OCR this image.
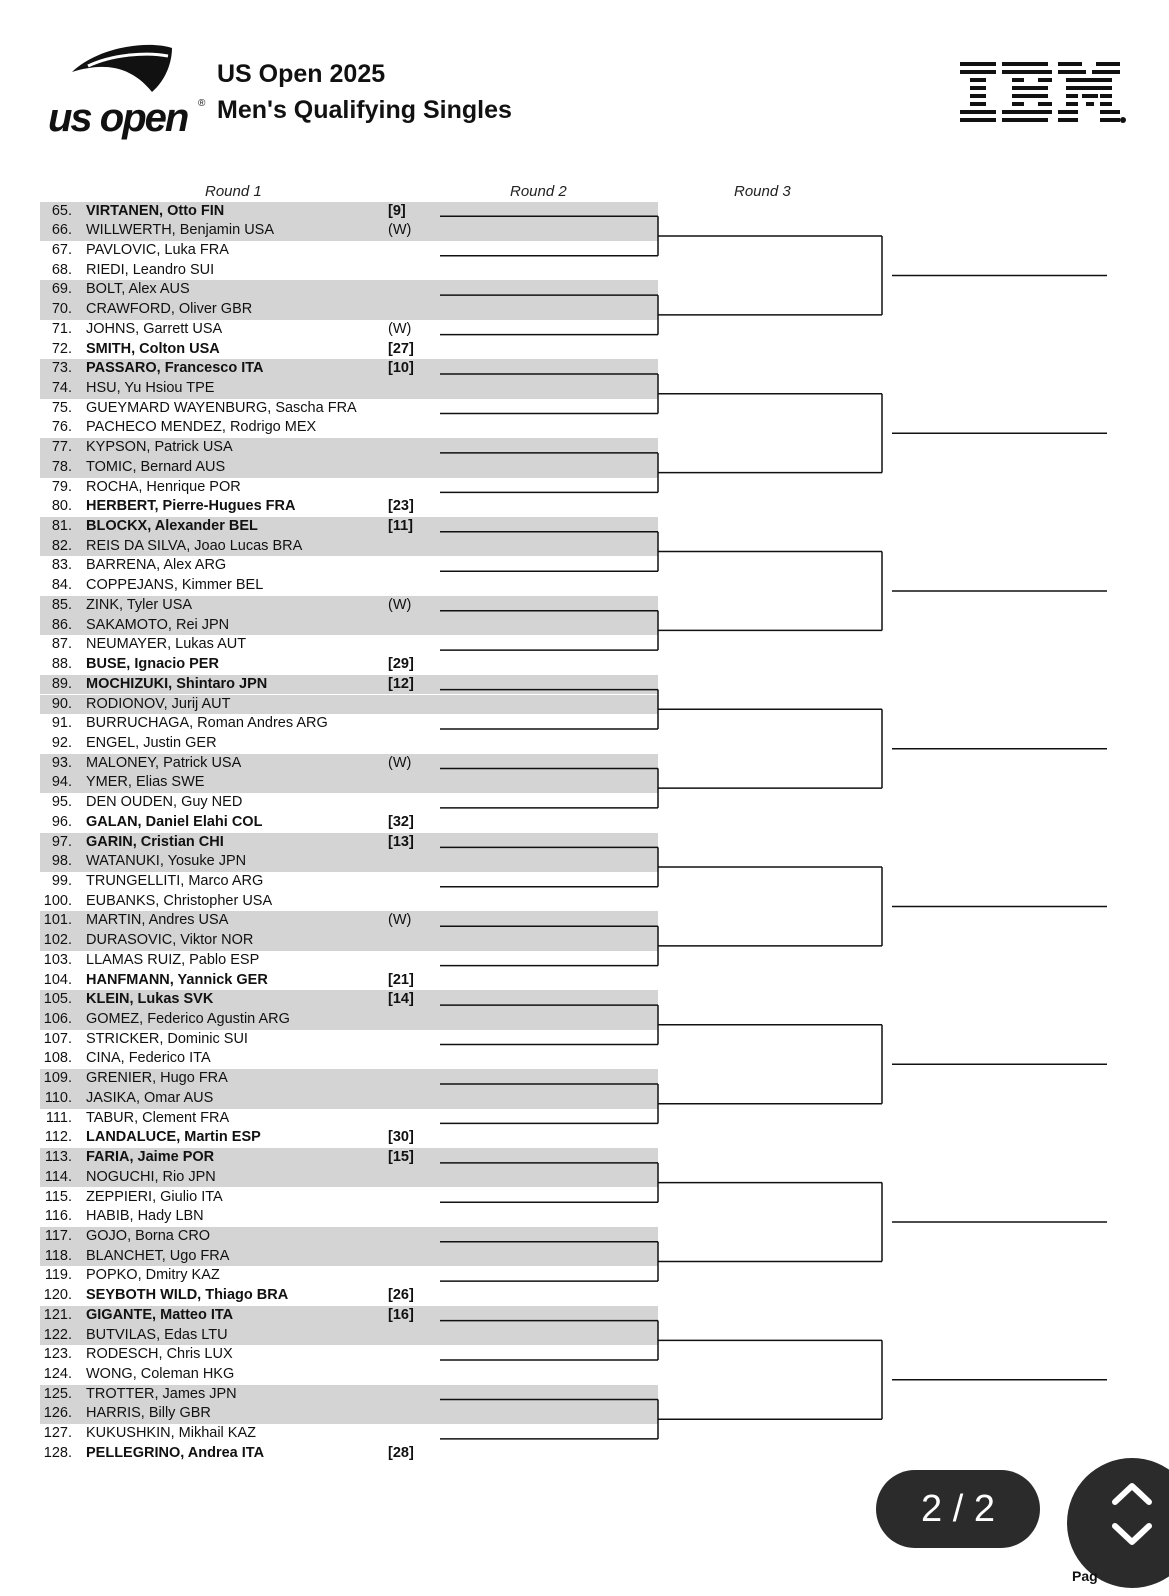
us open ®
US Open 2025
Men's Qualifying Singles
Round 1	Round 2	Round 3
65. VIRTANEN, Otto FIN	[9]
66. WILLWERTH, Benjamin USA	(W)
67. PAVLOVIC, Luka FRA
68. RIEDI, Leandro SUI
69. BOLT, Alex AUS
70. CRAWFORD, Oliver GBR
71. JOHNS, Garrett USA	(W)
72. SMITH, Colton USA	[27]
73. PASSARO, Francesco ITA	[10]
74. HSU, Yu Hsiou TPE
75. GUEYMARD WAYENBURG, Sascha FRA
76. PACHECO MENDEZ, Rodrigo MEX
77. KYPSON, Patrick USA
78. TOMIC, Bernard AUS
79. ROCHA, Henrique POR
80. HERBERT, Pierre-Hugues FRA	[23]
81. BLOCKX, Alexander BEL	[11]
82. REIS DA SILVA, Joao Lucas BRA
83. BARRENA, Alex ARG
84. COPPEJANS, Kimmer BEL
85. ZINK, Tyler USA	(W)
86. SAKAMOTO, Rei JPN
87. NEUMAYER, Lukas AUT
88. BUSE, Ignacio PER	[29]
89. MOCHIZUKI, Shintaro JPN	[12]
90. RODIONOV, Jurij AUT
91. BURRUCHAGA, Roman Andres ARG
92. ENGEL, Justin GER
93. MALONEY, Patrick USA	(W)
94. YMER, Elias SWE
95. DEN OUDEN, Guy NED
96. GALAN, Daniel Elahi COL	[32]
97. GARIN, Cristian CHI	[13]
98. WATANUKI, Yosuke JPN
99. TRUNGELLITI, Marco ARG
100. EUBANKS, Christopher USA
101. MARTIN, Andres USA	(W)
102. DURASOVIC, Viktor NOR
103. LLAMAS RUIZ, Pablo ESP
104. HANFMANN, Yannick GER	[21]
105. KLEIN, Lukas SVK	[14]
106. GOMEZ, Federico Agustin ARG
107. STRICKER, Dominic SUI
108. CINA, Federico ITA
109. GRENIER, Hugo FRA
110. JASIKA, Omar AUS
111. TABUR, Clement FRA
112. LANDALUCE, Martin ESP	[30]
113. FARIA, Jaime POR	[15]
114. NOGUCHI, Rio JPN
115. ZEPPIERI, Giulio ITA
116. HABIB, Hady LBN
117. GOJO, Borna CRO
118. BLANCHET, Ugo FRA
119. POPKO, Dmitry KAZ
120. SEYBOTH WILD, Thiago BRA	[26]
121. GIGANTE, Matteo ITA	[16]
122. BUTVILAS, Edas LTU
123. RODESCH, Chris LUX
124. WONG, Coleman HKG
125. TROTTER, James JPN
126. HARRIS, Billy GBR
127. KUKUSHKIN, Mikhail KAZ
128. PELLEGRINO, Andrea ITA	[28]
2 / 2
Pag
